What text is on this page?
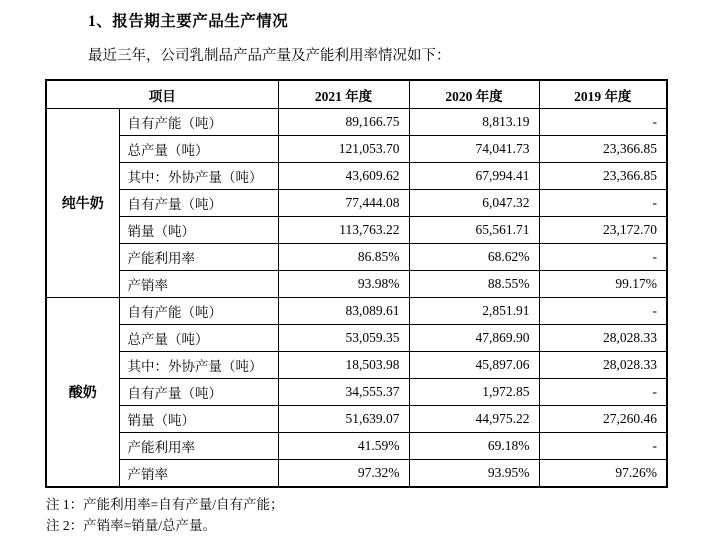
1、报告期主要产品生产情况
最近三年，公司乳制品产品产量及产能利用率情况如下：
项目		2021 年度	2020 年度	2019 年度
纯牛奶	自有产能（吨）	89,166.75	8,813.19	-
	总产量（吨）	121,053.70	74,041.73	23,366.85
	其中：外协产量（吨）	43,609.62	67,994.41	23,366.85
	自有产量（吨）	77,444.08	6,047.32	-
	销量（吨）	113,763.22	65,561.71	23,172.70
	产能利用率	86.85%	68.62%	-
	产销率	93.98%	88.55%	99.17%
酸奶	自有产能（吨）	83,089.61	2,851.91	-
	总产量（吨）	53,059.35	47,869.90	28,028.33
	其中：外协产量（吨）	18,503.98	45,897.06	28,028.33
	自有产量（吨）	34,555.37	1,972.85	-
	销量（吨）	51,639.07	44,975.22	27,260.46
	产能利用率	41.59%	69.18%	-
	产销率	97.32%	93.95%	97.26%

注 1：产能利用率=自有产量/自有产能；

注 2：产销率=销量/总产量。
